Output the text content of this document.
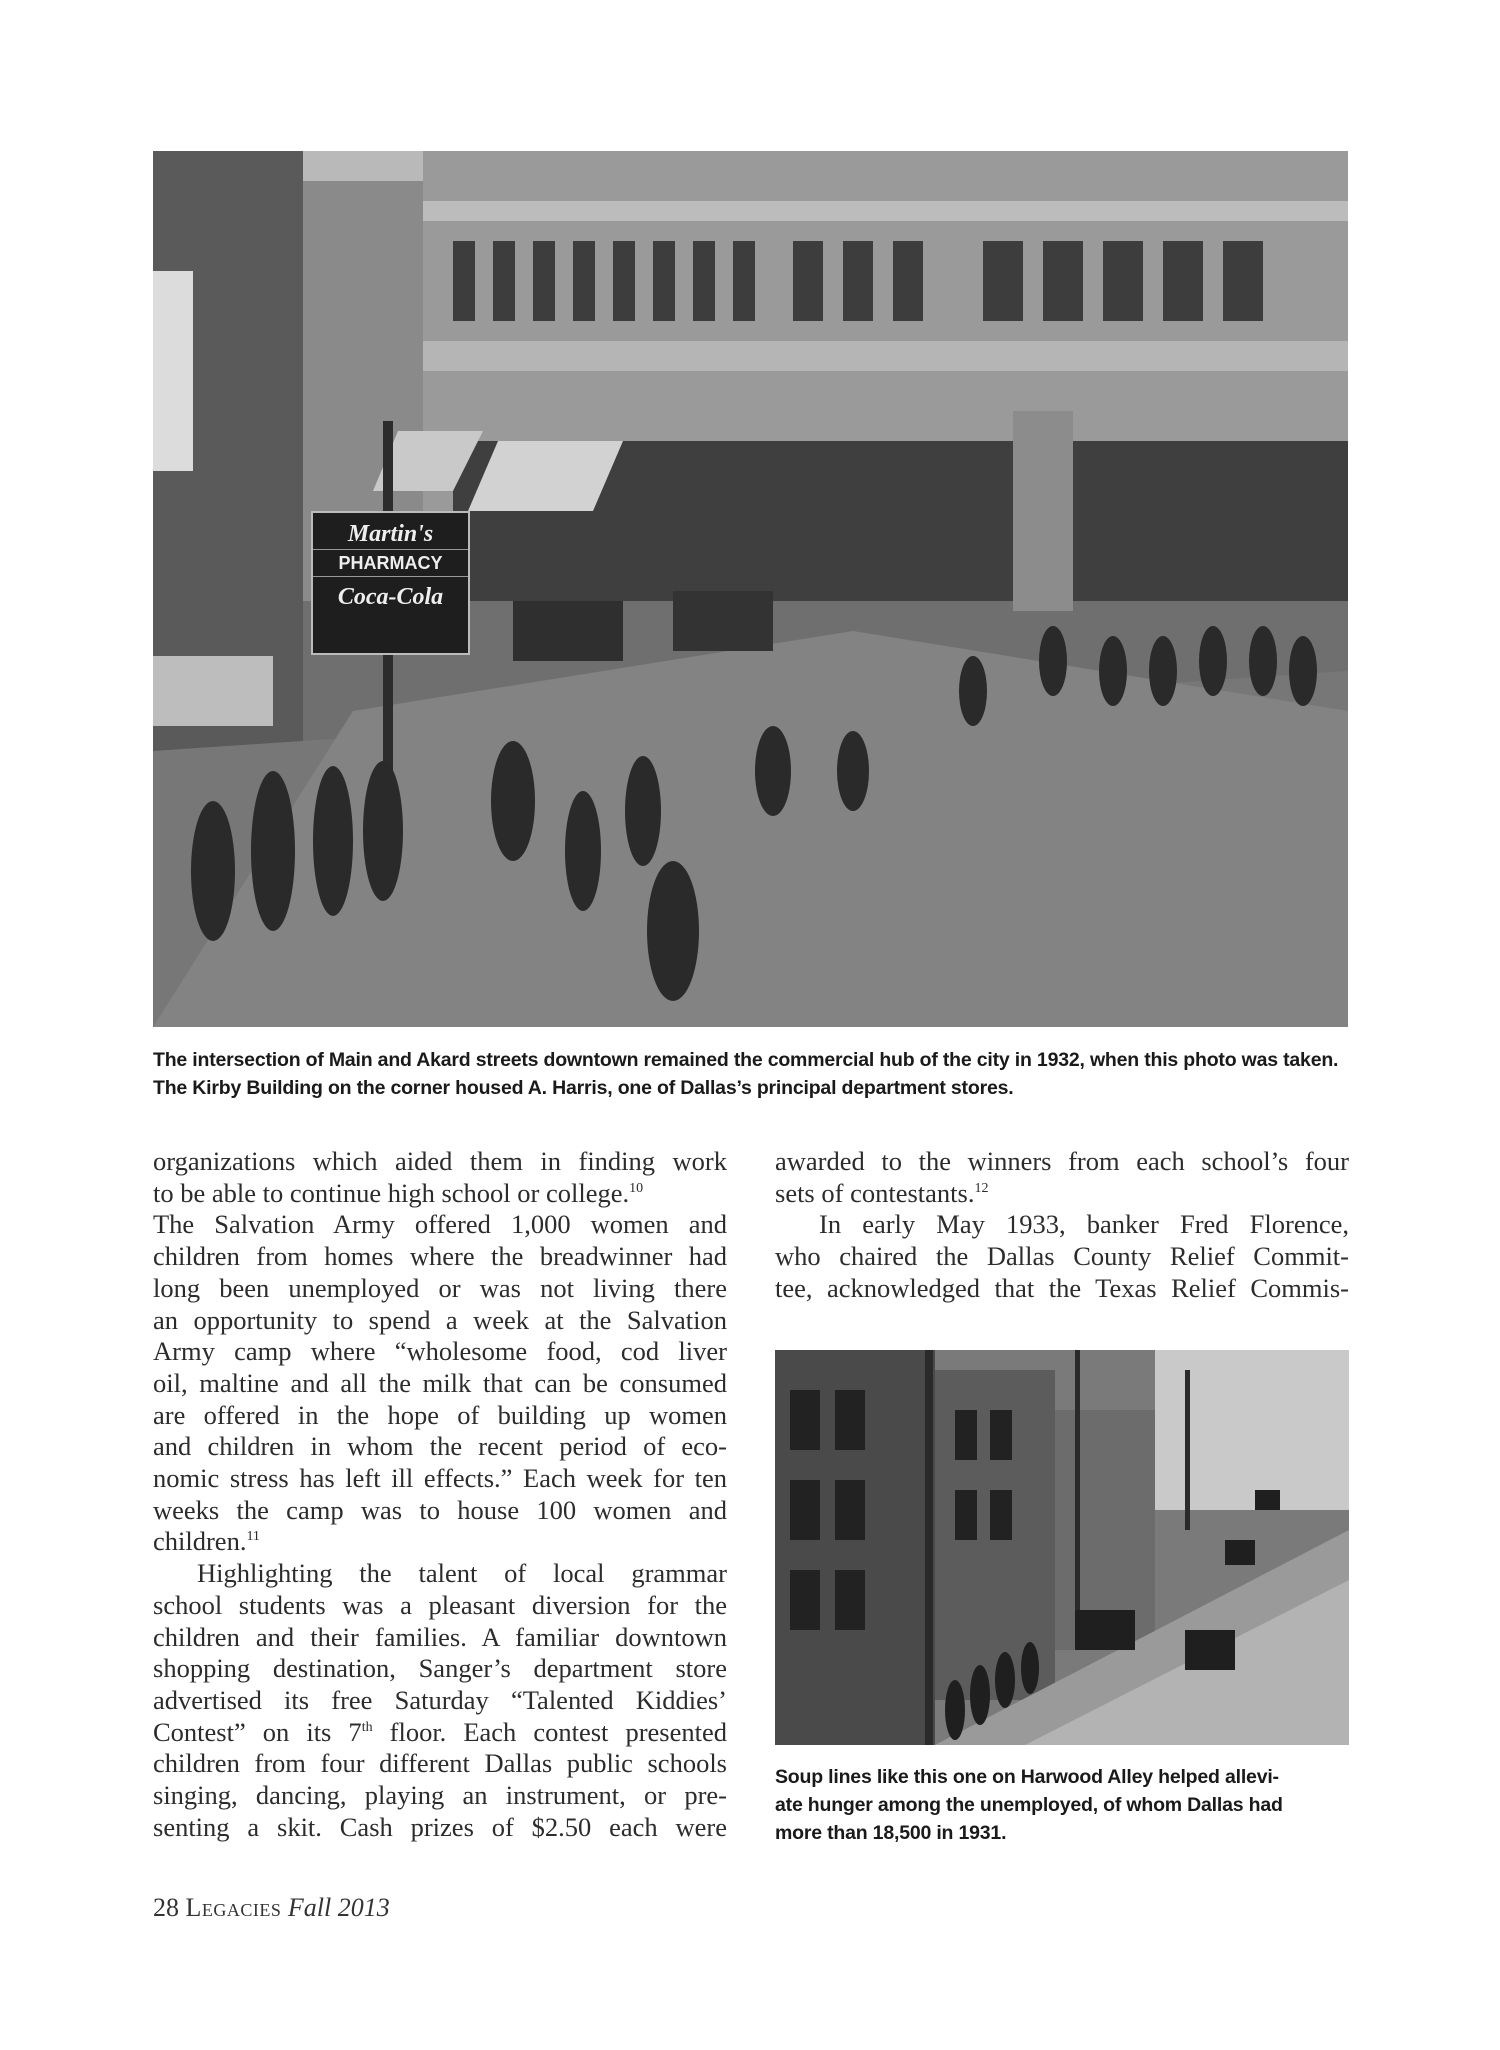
Martin's
PHARMACY
Coca-Cola
The intersection of Main and Akard streets downtown remained the commercial hub of the city in 1932, when this photo was taken. The Kirby Building on the corner housed A. Harris, one of Dallas’s principal department stores.
organizations which aided them in finding work
to be able to continue high school or college.$^{10}$
The Salvation Army offered 1,000 women and
children from homes where the breadwinner had
long been unemployed or was not living there
an opportunity to spend a week at the Salvation
Army camp where “wholesome food, cod liver
oil, maltine and all the milk that can be consumed
are offered in the hope of building up women
and children in whom the recent period of eco-
nomic stress has left ill effects.” Each week for ten
weeks the camp was to house 100 women and
children.$^{11}$
Highlighting the talent of local grammar
school students was a pleasant diversion for the
children and their families. A familiar downtown
shopping destination, Sanger’s department store
advertised its free Saturday “Talented Kiddies’
Contest” on its 7th floor. Each contest presented
children from four different Dallas public schools
singing, dancing, playing an instrument, or pre-
senting a skit. Cash prizes of $2.50 each were
awarded to the winners from each school’s four
sets of contestants.$^{12}$
In early May 1933, banker Fred Florence,
who chaired the Dallas County Relief Commit-
tee, acknowledged that the Texas Relief Commis-
Soup lines like this one on Harwood Alley helped allevi-
ate hunger among the unemployed, of whom Dallas had
more than 18,500 in 1931.
28 Legacies Fall 2013
